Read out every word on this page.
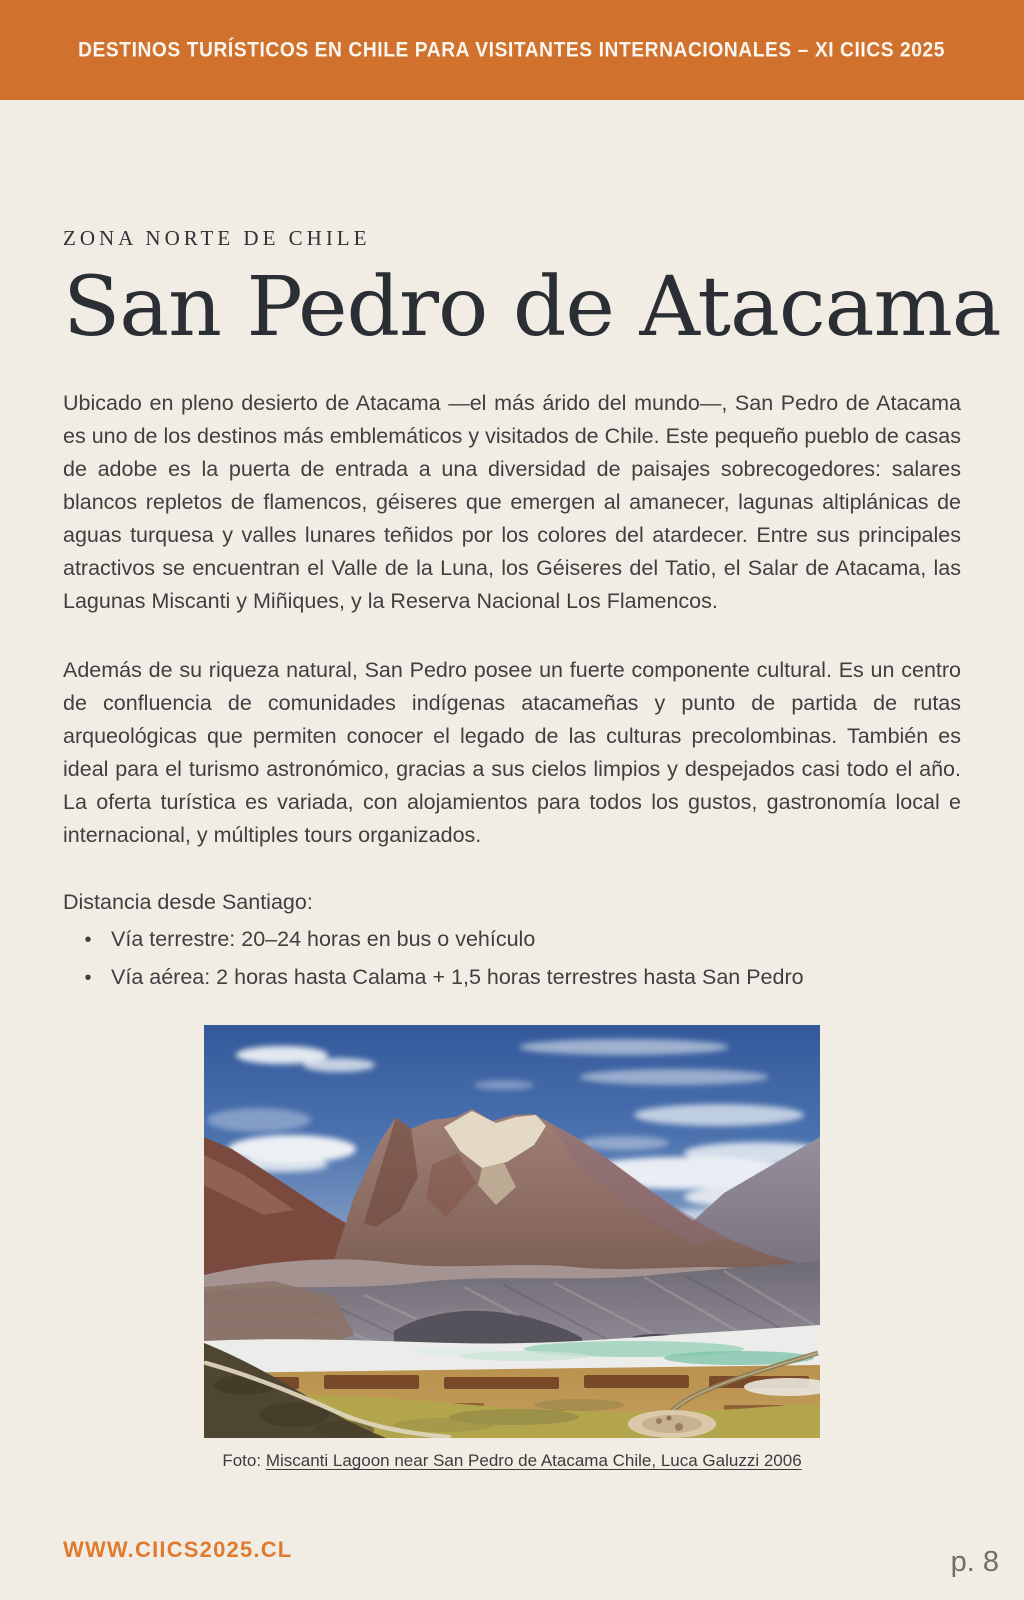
DESTINOS TURÍSTICOS EN CHILE PARA VISITANTES INTERNACIONALES – XI CIICS 2025
ZONA NORTE DE CHILE
San Pedro de Atacama

Ubicado en pleno desierto de Atacama —el más árido del mundo—, San Pedro de Atacama es uno de los destinos más emblemáticos y visitados de Chile. Este pequeño pueblo de casas de adobe es la puerta de entrada a una diversidad de paisajes sobrecogedores: salares blancos repletos de flamencos, géiseres que emergen al amanecer, lagunas altiplánicas de aguas turquesa y valles lunares teñidos por los colores del atardecer. Entre sus principales atractivos se encuentran el Valle de la Luna, los Géiseres del Tatio, el Salar de Atacama, las Lagunas Miscanti y Miñiques, y la Reserva Nacional Los Flamencos.

Además de su riqueza natural, San Pedro posee un fuerte componente cultural. Es un centro de confluencia de comunidades indígenas atacameñas y punto de partida de rutas arqueológicas que permiten conocer el legado de las culturas precolombinas. También es ideal para el turismo astronómico, gracias a sus cielos limpios y despejados casi todo el año. La oferta turística es variada, con alojamientos para todos los gustos, gastronomía local e internacional, y múltiples tours organizados.

Distancia desde Santiago:
• Vía terrestre: 20–24 horas en bus o vehículo
• Vía aérea: 2 horas hasta Calama + 1,5 horas terrestres hasta San Pedro
Foto: Miscanti Lagoon near San Pedro de Atacama Chile, Luca Galuzzi 2006
WWW.CIICS2025.CL	p. 8
